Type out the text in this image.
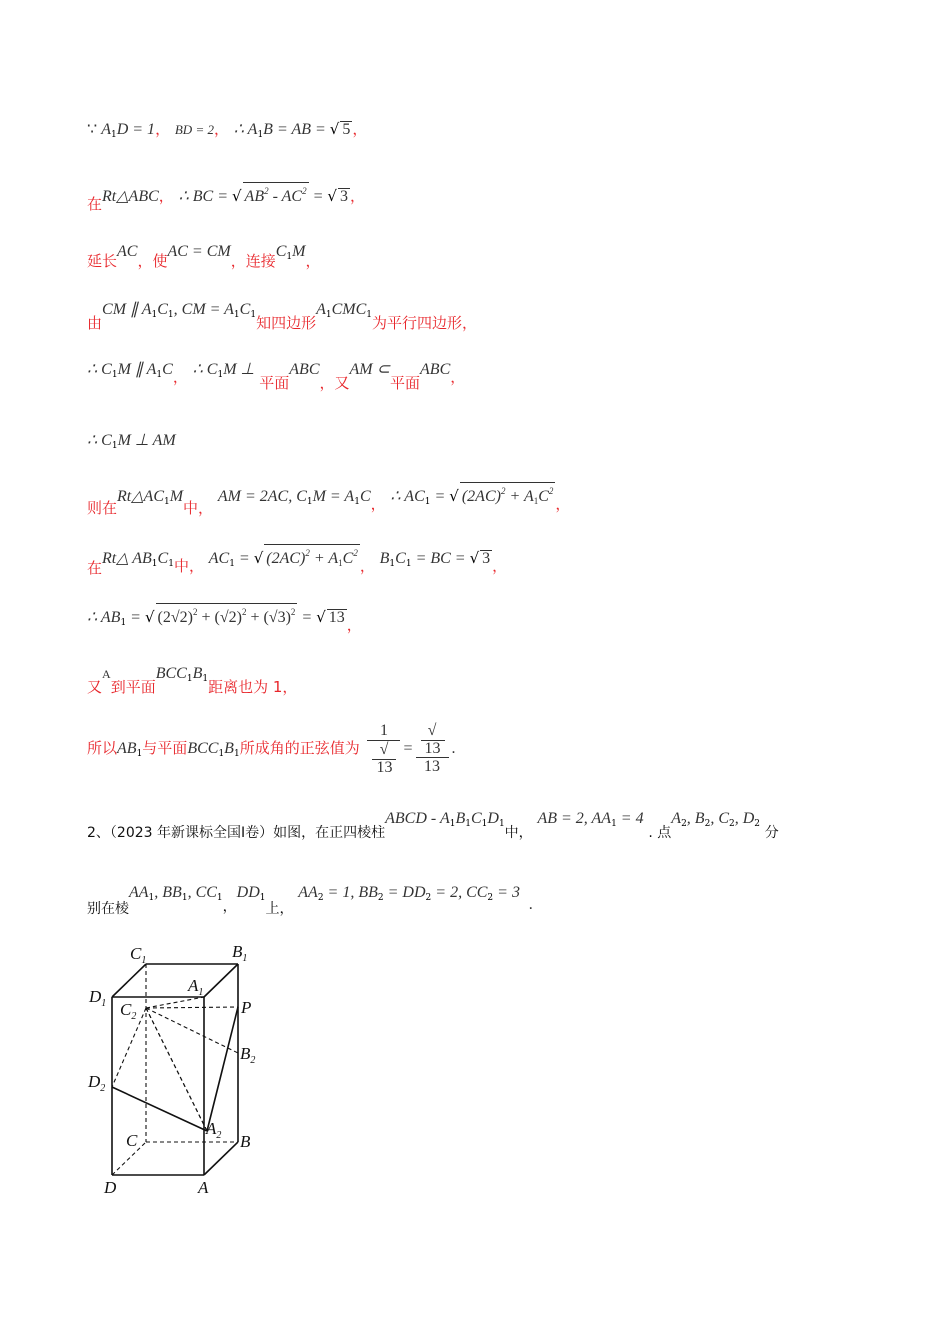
∵ $A_1D = 1$， BD = 2， ∴ $A_1B$ = AB = √ 5 ，
在Rt△ABC， ∴ BC = √ $AB^2 - AC^2$ = √ 3 ，
延长AC，使AC = CM，连接$C_1M$，
由CM ∥ $A_1C_1$, CM = $A_1C_1$知四边形$A_1CMC_1$为平行四边形，
∴ $C_1M$ ∥ $A_1C$， ∴ $C_1M$ ⊥ 平面ABC，又AM ⊂平面ABC，
∴ $C_1M$ ⊥ AM
则在$Rt\triangle AC_1M$中， AM = 2AC, $C_1M = A_1C$， ∴ $AC_1$ = √ $(2AC)^2 + A_1C^2$，
在Rt△ $AB_1C_1$中， $AC_1$ = √ $(2AC)^2 + A_1C^2$， $B_1C_1$ = BC = √ 3 ，
∴ $AB_1$ = √ $(2√2)^2 + (√2)^2 + (√3)^2$ = √ 13 ，
又A到平面$BCC_1B_1$距离也为 1，
所以$AB_1$与平面$BCC_1B_1$所成角的正弦值为 1
√
13 = √
13
13 .
2、（2023 年新课标全国Ⅰ卷）如图，在正四棱柱ABCD - $A_1B_1C_1D_1$中， AB = 2, $AA_1 = 4$ . 点$A_2$, $B_2$, $C_2$, $D_2$ 分
别在棱$AA_1$, $BB_1$, $CC_1$，$DD_1$上， $AA_2 = 1$, $BB_2 = DD_2 = 2$, $CC_2 = 3$ .
$C_1$	$B_1$
$A_1$
$D_1$ $C_2$	P
$B_2$
$D_2$
C
$A_2$ B
D	A
